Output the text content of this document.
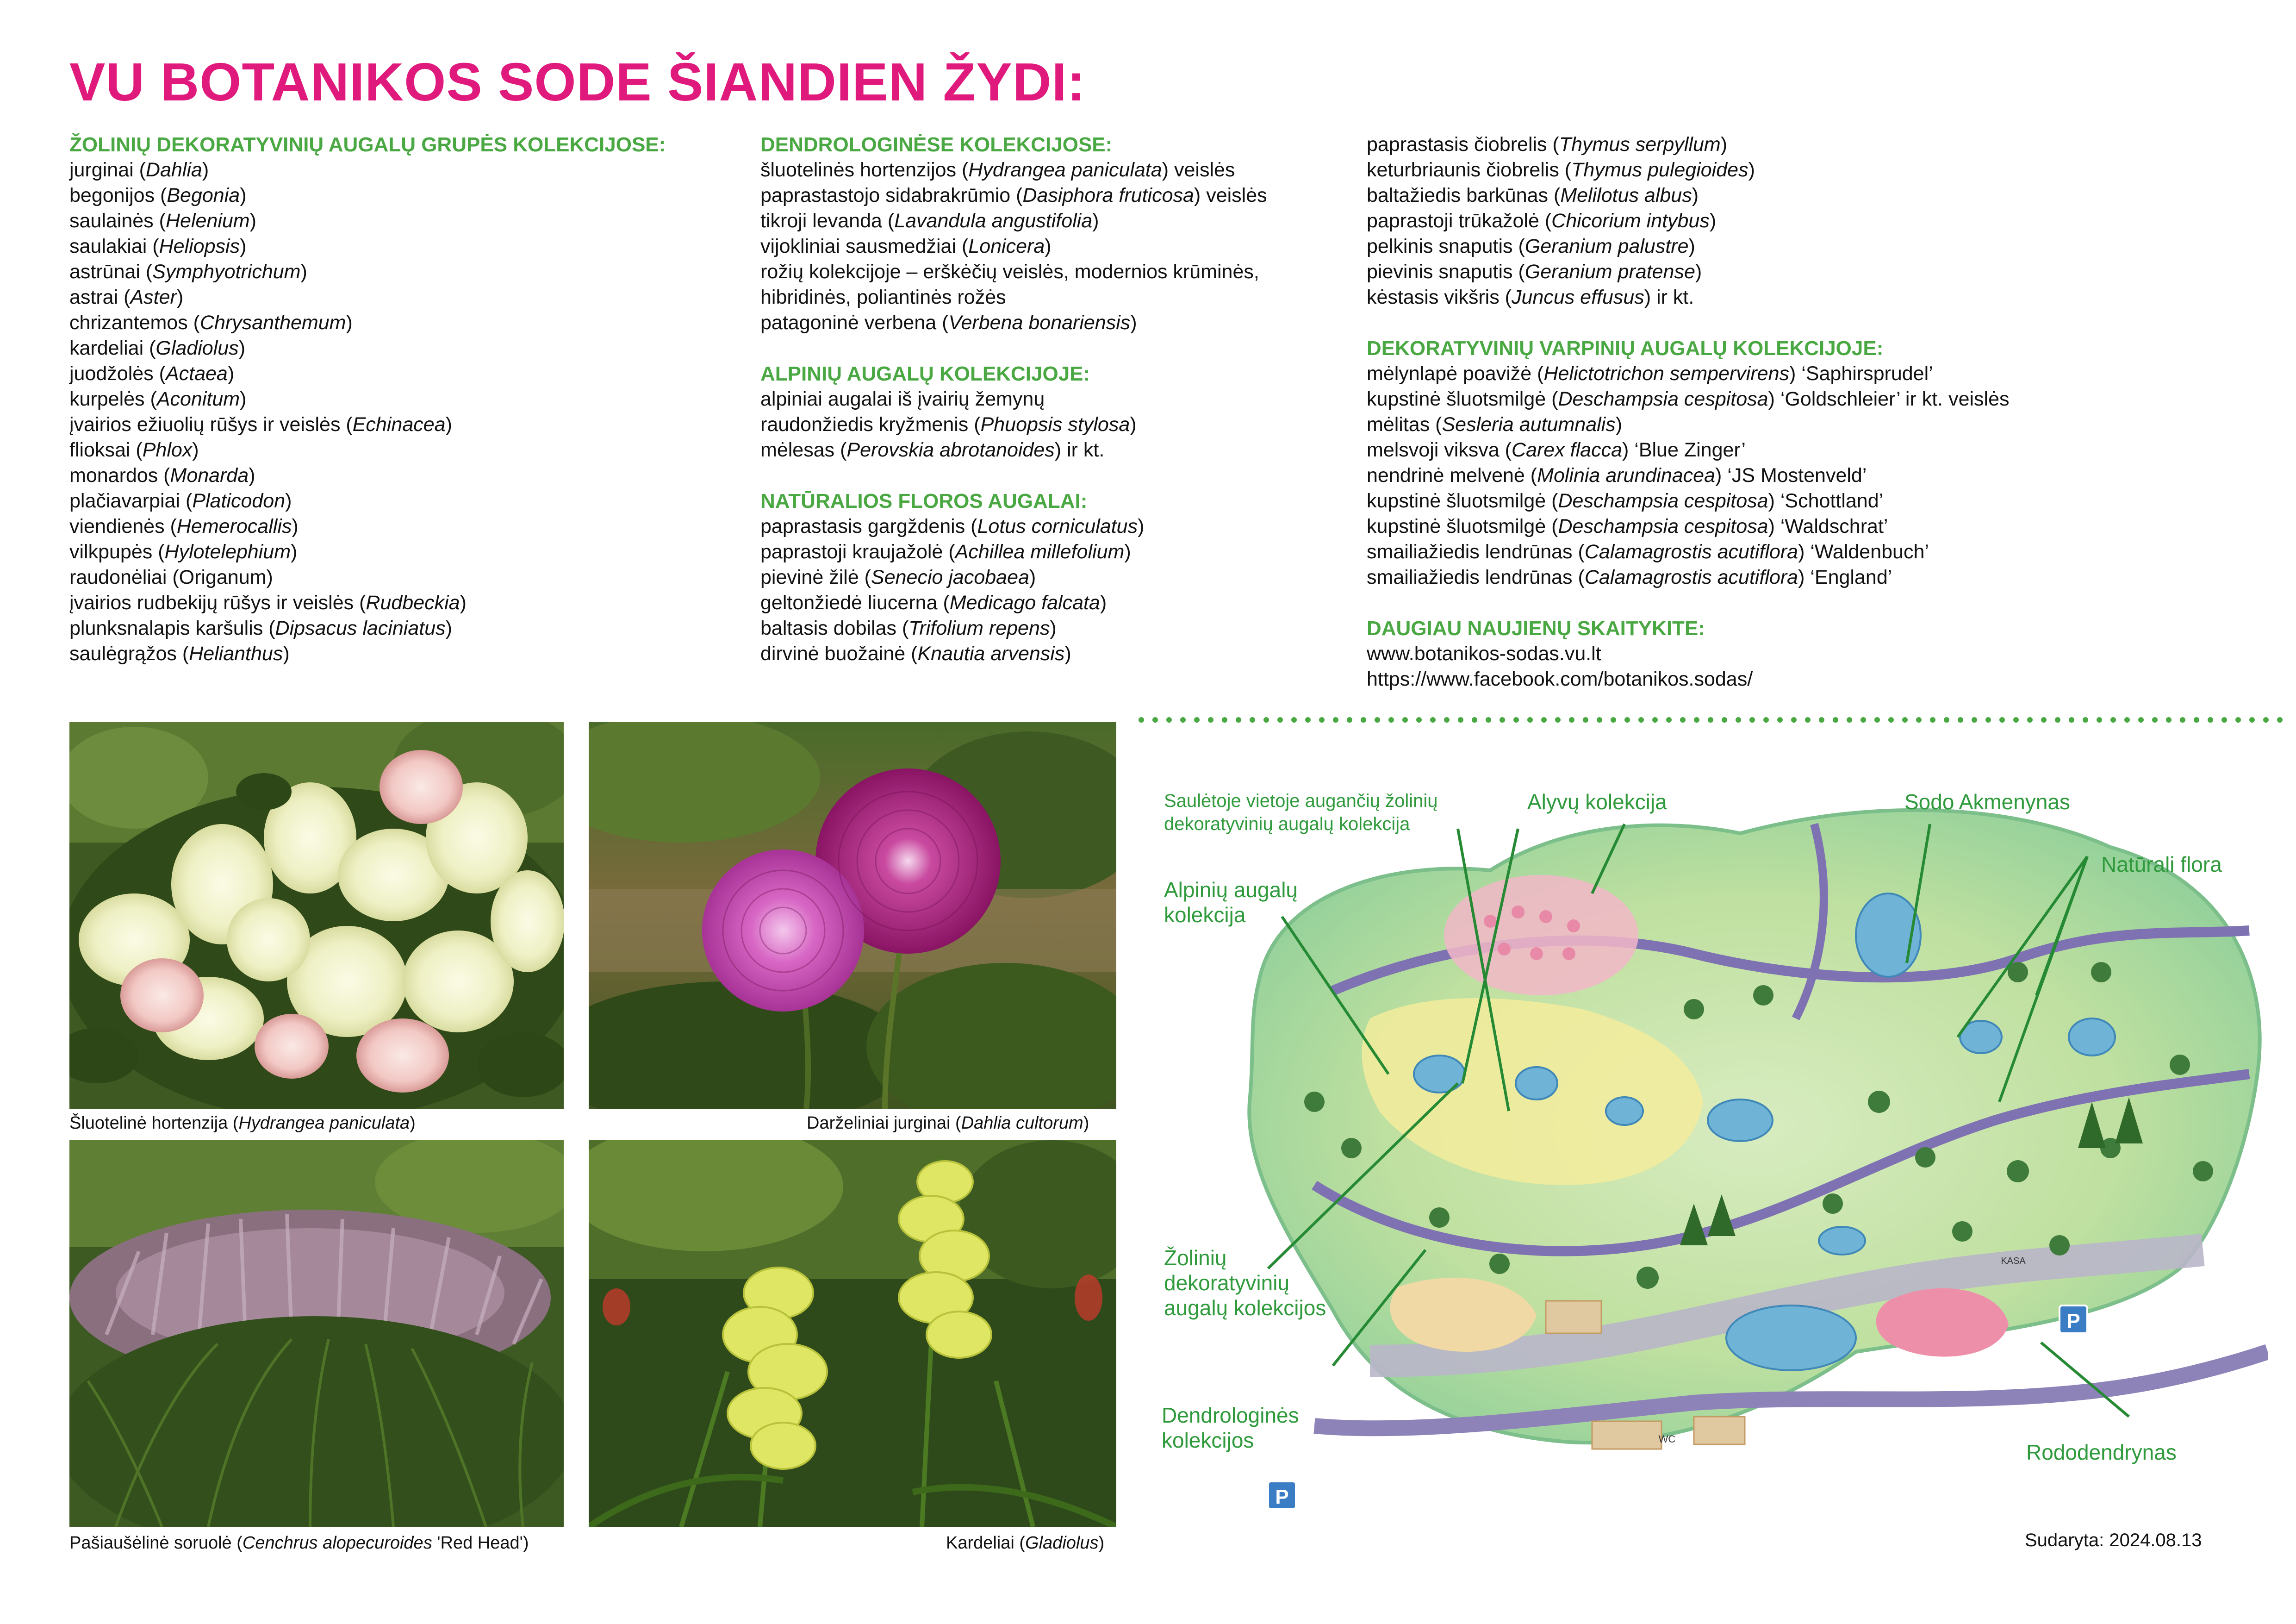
VU BOTANIKOS SODE ŠIANDIEN ŽYDI:
ŽOLINIŲ DEKORATYVINIŲ AUGALŲ GRUPĖS KOLEKCIJOSE:
jurginai (Dahlia)
begonijos (Begonia)
saulainės (Helenium)
saulakiai (Heliopsis)
astrūnai (Symphyotrichum)
astrai (Aster)
chrizantemos (Chrysanthemum)
kardeliai (Gladiolus)
juodžolės (Actaea)
kurpelės (Aconitum)
įvairios ežiuolių rūšys ir veislės (Echinacea)
flioksai (Phlox)
monardos (Monarda)
plačiavarpiai (Platicodon)
viendienės (Hemerocallis)
vilkpupės (Hylotelephium)
raudonėliai (Origanum)
įvairios rudbekijų rūšys ir veislės (Rudbeckia)
plunksnalapis karšulis (Dipsacus laciniatus)
saulėgrąžos (Helianthus)
DENDROLOGINĖSE KOLEKCIJOSE:
šluotelinės hortenzijos (Hydrangea paniculata) veislės
paprastastojo sidabrakrūmio (Dasiphora fruticosa) veislės
tikroji levanda (Lavandula angustifolia)
vijokliniai sausmedžiai (Lonicera)
rožių kolekcijoje – erškėčių veislės, modernios krūminės,
hibridinės, poliantinės rožės
patagoninė verbena (Verbena bonariensis)
ALPINIŲ AUGALŲ KOLEKCIJOJE:
alpiniai augalai iš įvairių žemynų
raudonžiedis kryžmenis (Phuopsis stylosa)
mėlesas (Perovskia abrotanoides) ir kt.
NATŪRALIOS FLOROS AUGALAI:
paprastasis gargždenis (Lotus corniculatus)
paprastoji kraujažolė (Achillea millefolium)
pievinė žilė (Senecio jacobaea)
geltonžiedė liucerna (Medicago falcata)
baltasis dobilas (Trifolium repens)
dirvinė buožainė (Knautia arvensis)
paprastasis čiobrelis (Thymus serpyllum)
keturbriaunis čiobrelis (Thymus pulegioides)
baltažiedis barkūnas (Melilotus albus)
paprastoji trūkažolė (Chicorium intybus)
pelkinis snaputis (Geranium palustre)
pievinis snaputis (Geranium pratense)
kėstasis vikšris (Juncus effusus) ir kt.
DEKORATYVINIŲ VARPINIŲ AUGALŲ KOLEKCIJOJE:
mėlynlapė poavižė (Helictotrichon sempervirens) ‘Saphirsprudel’
kupstinė šluotsmilgė (Deschampsia cespitosa) ‘Goldschleier’ ir kt. veislės
mėlitas (Sesleria autumnalis)
melsvoji viksva (Carex flacca) ‘Blue Zinger’
nendrinė melvenė (Molinia arundinacea) ‘JS Mostenveld’
kupstinė šluotsmilgė (Deschampsia cespitosa) ‘Schottland’
kupstinė šluotsmilgė (Deschampsia cespitosa) ‘Waldschrat’
smailiažiedis lendrūnas (Calamagrostis acutiflora) ‘Waldenbuch’
smailiažiedis lendrūnas (Calamagrostis acutiflora) ‘England’
DAUGIAU NAUJIENŲ SKAITYKITE:
www.botanikos-sodas.vu.lt
https://www.facebook.com/botanikos.sodas/
Šluotelinė hortenzija (Hydrangea paniculata)	Darželiniai jurginai (Dahlia cultorum)
Pašiaušėlinė soruolė (Cenchrus alopecuroides 'Red Head')	Kardeliai (Gladiolus)
P
P
KASA
WC
Saulėtoje vietoje augančių žolinių
dekoratyvinių augalų kolekcija
Alyvų kolekcija	Sodo Akmenynas
Natūrali flora
Alpinių augalų
kolekcija
Žolinių
dekoratyvinių
augalų kolekcijos
Dendrologinės
kolekcijos	Rododendrynas
Sudaryta: 2024.08.13
